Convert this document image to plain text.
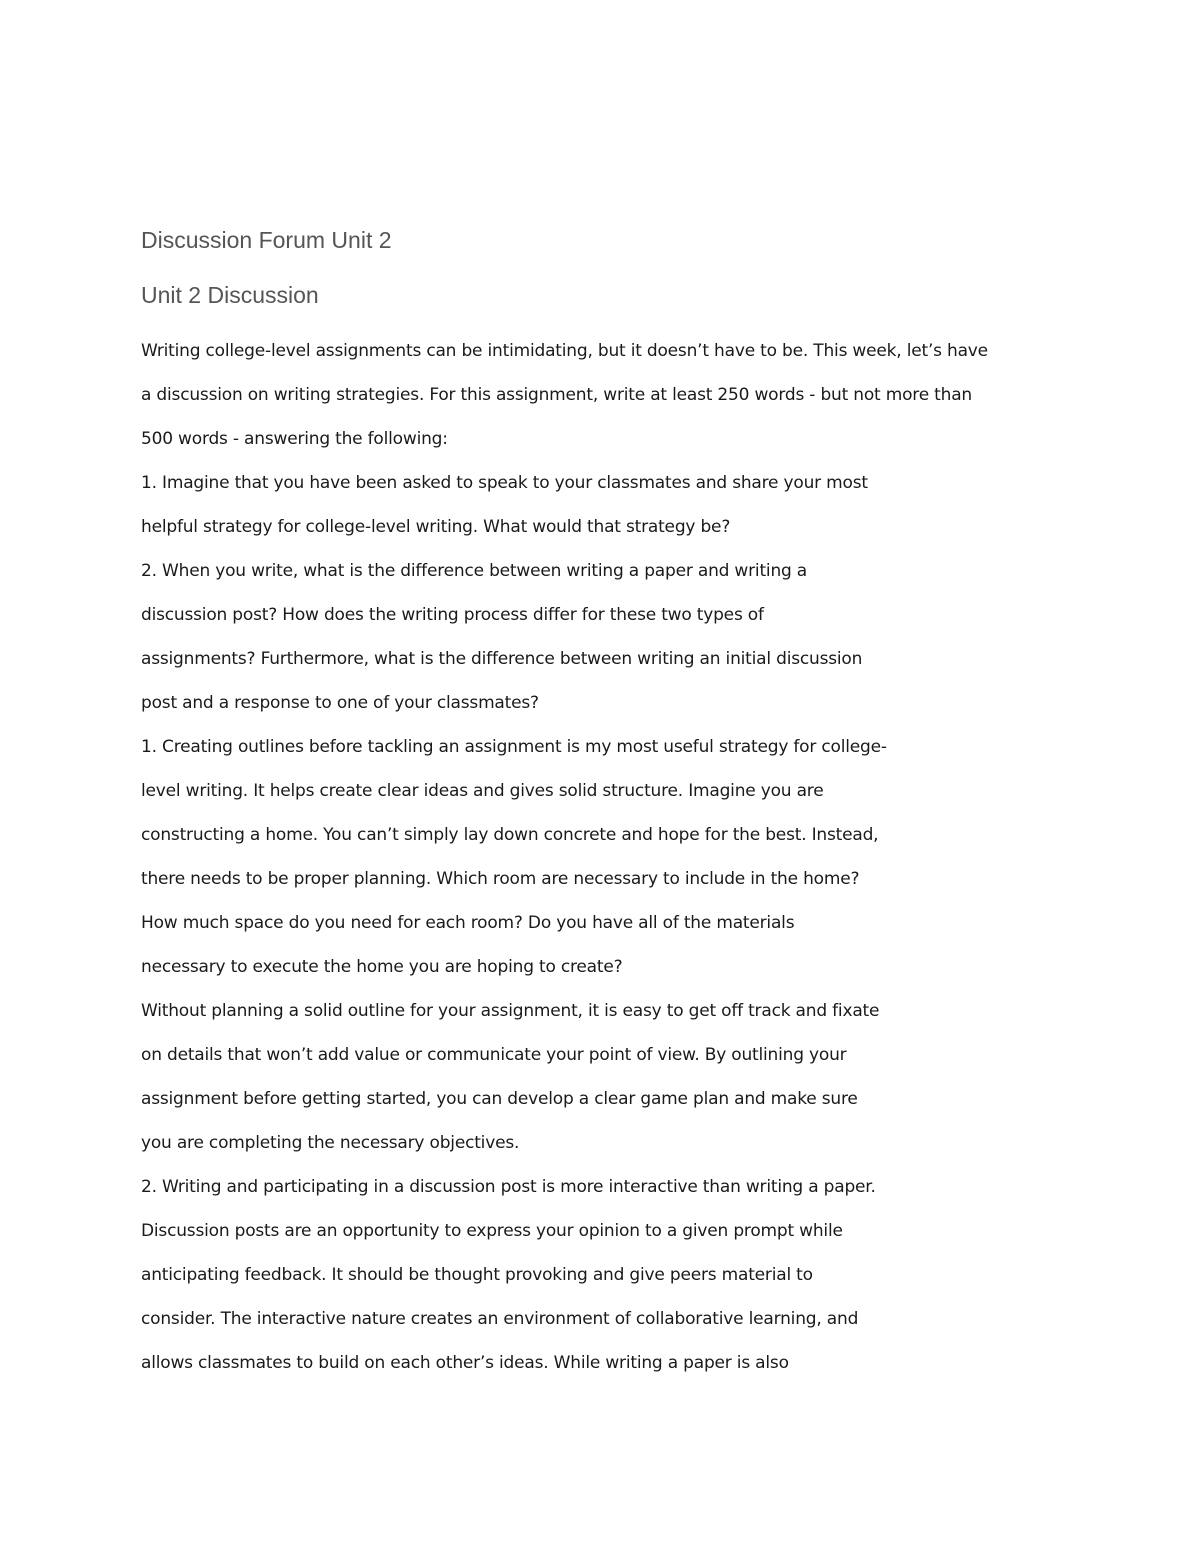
Discussion Forum Unit 2
Unit 2 Discussion

Writing college-level assignments can be intimidating, but it doesn’t have to be. This week, let’s have

a discussion on writing strategies. For this assignment, write at least 250 words - but not more than

500 words - answering the following:

1. Imagine that you have been asked to speak to your classmates and share your most

helpful strategy for college-level writing. What would that strategy be?

2. When you write, what is the difference between writing a paper and writing a

discussion post? How does the writing process differ for these two types of

assignments? Furthermore, what is the difference between writing an initial discussion

post and a response to one of your classmates?

1. Creating outlines before tackling an assignment is my most useful strategy for college-

level writing. It helps create clear ideas and gives solid structure. Imagine you are

constructing a home. You can’t simply lay down concrete and hope for the best. Instead,

there needs to be proper planning. Which room are necessary to include in the home?

How much space do you need for each room? Do you have all of the materials

necessary to execute the home you are hoping to create?

Without planning a solid outline for your assignment, it is easy to get off track and fixate

on details that won’t add value or communicate your point of view. By outlining your

assignment before getting started, you can develop a clear game plan and make sure

you are completing the necessary objectives.

2. Writing and participating in a discussion post is more interactive than writing a paper.

Discussion posts are an opportunity to express your opinion to a given prompt while

anticipating feedback. It should be thought provoking and give peers material to

consider. The interactive nature creates an environment of collaborative learning, and

allows classmates to build on each other’s ideas. While writing a paper is also
